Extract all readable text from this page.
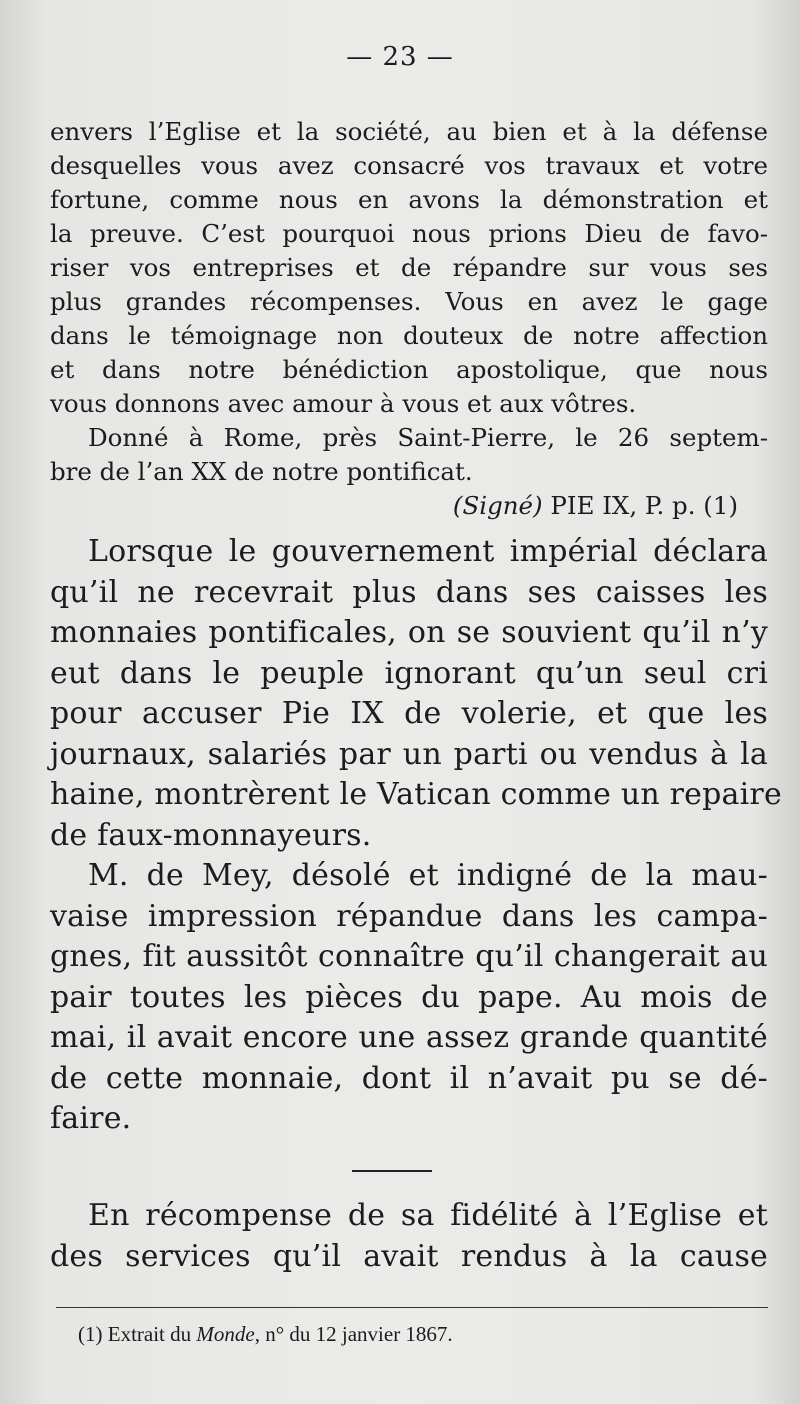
— 23 —
envers l’Eglise et la société, au bien et à la défense
desquelles vous avez consacré vos travaux et votre
fortune, comme nous en avons la démonstration et
la preuve. C’est pourquoi nous prions Dieu de favo-
riser vos entreprises et de répandre sur vous ses
plus grandes récompenses. Vous en avez le gage
dans le témoignage non douteux de notre affection
et dans notre bénédiction apostolique, que nous
vous donnons avec amour à vous et aux vôtres.
Donné à Rome, près Saint-Pierre, le 26 septem-
bre de l’an XX de notre pontificat.
(Signé) PIE IX, P. p. (1)
Lorsque le gouvernement impérial déclara
qu’il ne recevrait plus dans ses caisses les
monnaies pontificales, on se souvient qu’il n’y
eut dans le peuple ignorant qu’un seul cri
pour accuser Pie IX de volerie, et que les
journaux, salariés par un parti ou vendus à la
haine, montrèrent le Vatican comme un repaire
de faux-monnayeurs.
M. de Mey, désolé et indigné de la mau-
vaise impression répandue dans les campa-
gnes, fit aussitôt connaître qu’il changerait au
pair toutes les pièces du pape. Au mois de
mai, il avait encore une assez grande quantité
de cette monnaie, dont il n’avait pu se dé-
faire.
En récompense de sa fidélité à l’Eglise et
des services qu’il avait rendus à la cause
(1) Extrait du Monde, n° du 12 janvier 1867.
